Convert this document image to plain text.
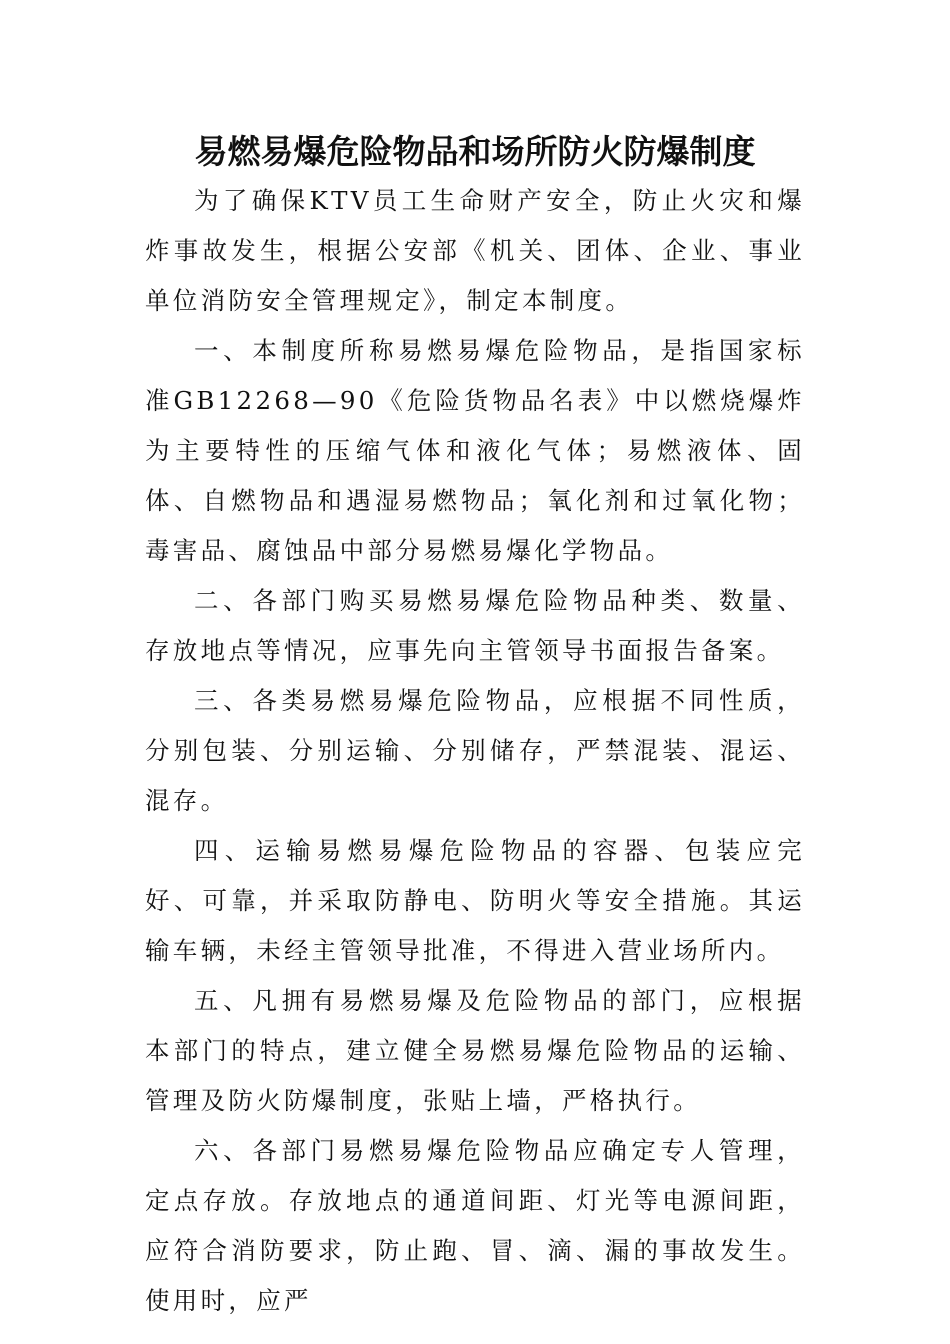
易燃易爆危险物品和场所防火防爆制度

为了确保KTV员工生命财产安全，防止火灾和爆炸事故发生，根据公安部《机关、团体、企业、事业单位消防安全管理规定》，制定本制度。

一、本制度所称易燃易爆危险物品，是指国家标准GB12268—90《危险货物品名表》中以燃烧爆炸为主要特性的压缩气体和液化气体；易燃液体、固体、自燃物品和遇湿易燃物品；氧化剂和过氧化物；毒害品、腐蚀品中部分易燃易爆化学物品。

二、各部门购买易燃易爆危险物品种类、数量、存放地点等情况，应事先向主管领导书面报告备案。

三、各类易燃易爆危险物品，应根据不同性质，分别包装、分别运输、分别储存，严禁混装、混运、混存。

四、运输易燃易爆危险物品的容器、包装应完好、可靠，并采取防静电、防明火等安全措施。其运输车辆，未经主管领导批准，不得进入营业场所内。

五、凡拥有易燃易爆及危险物品的部门，应根据本部门的特点，建立健全易燃易爆危险物品的运输、管理及防火防爆制度，张贴上墙，严格执行。

六、各部门易燃易爆危险物品应确定专人管理，定点存放。存放地点的通道间距、灯光等电源间距，应符合消防要求，防止跑、冒、滴、漏的事故发生。使用时，应严
